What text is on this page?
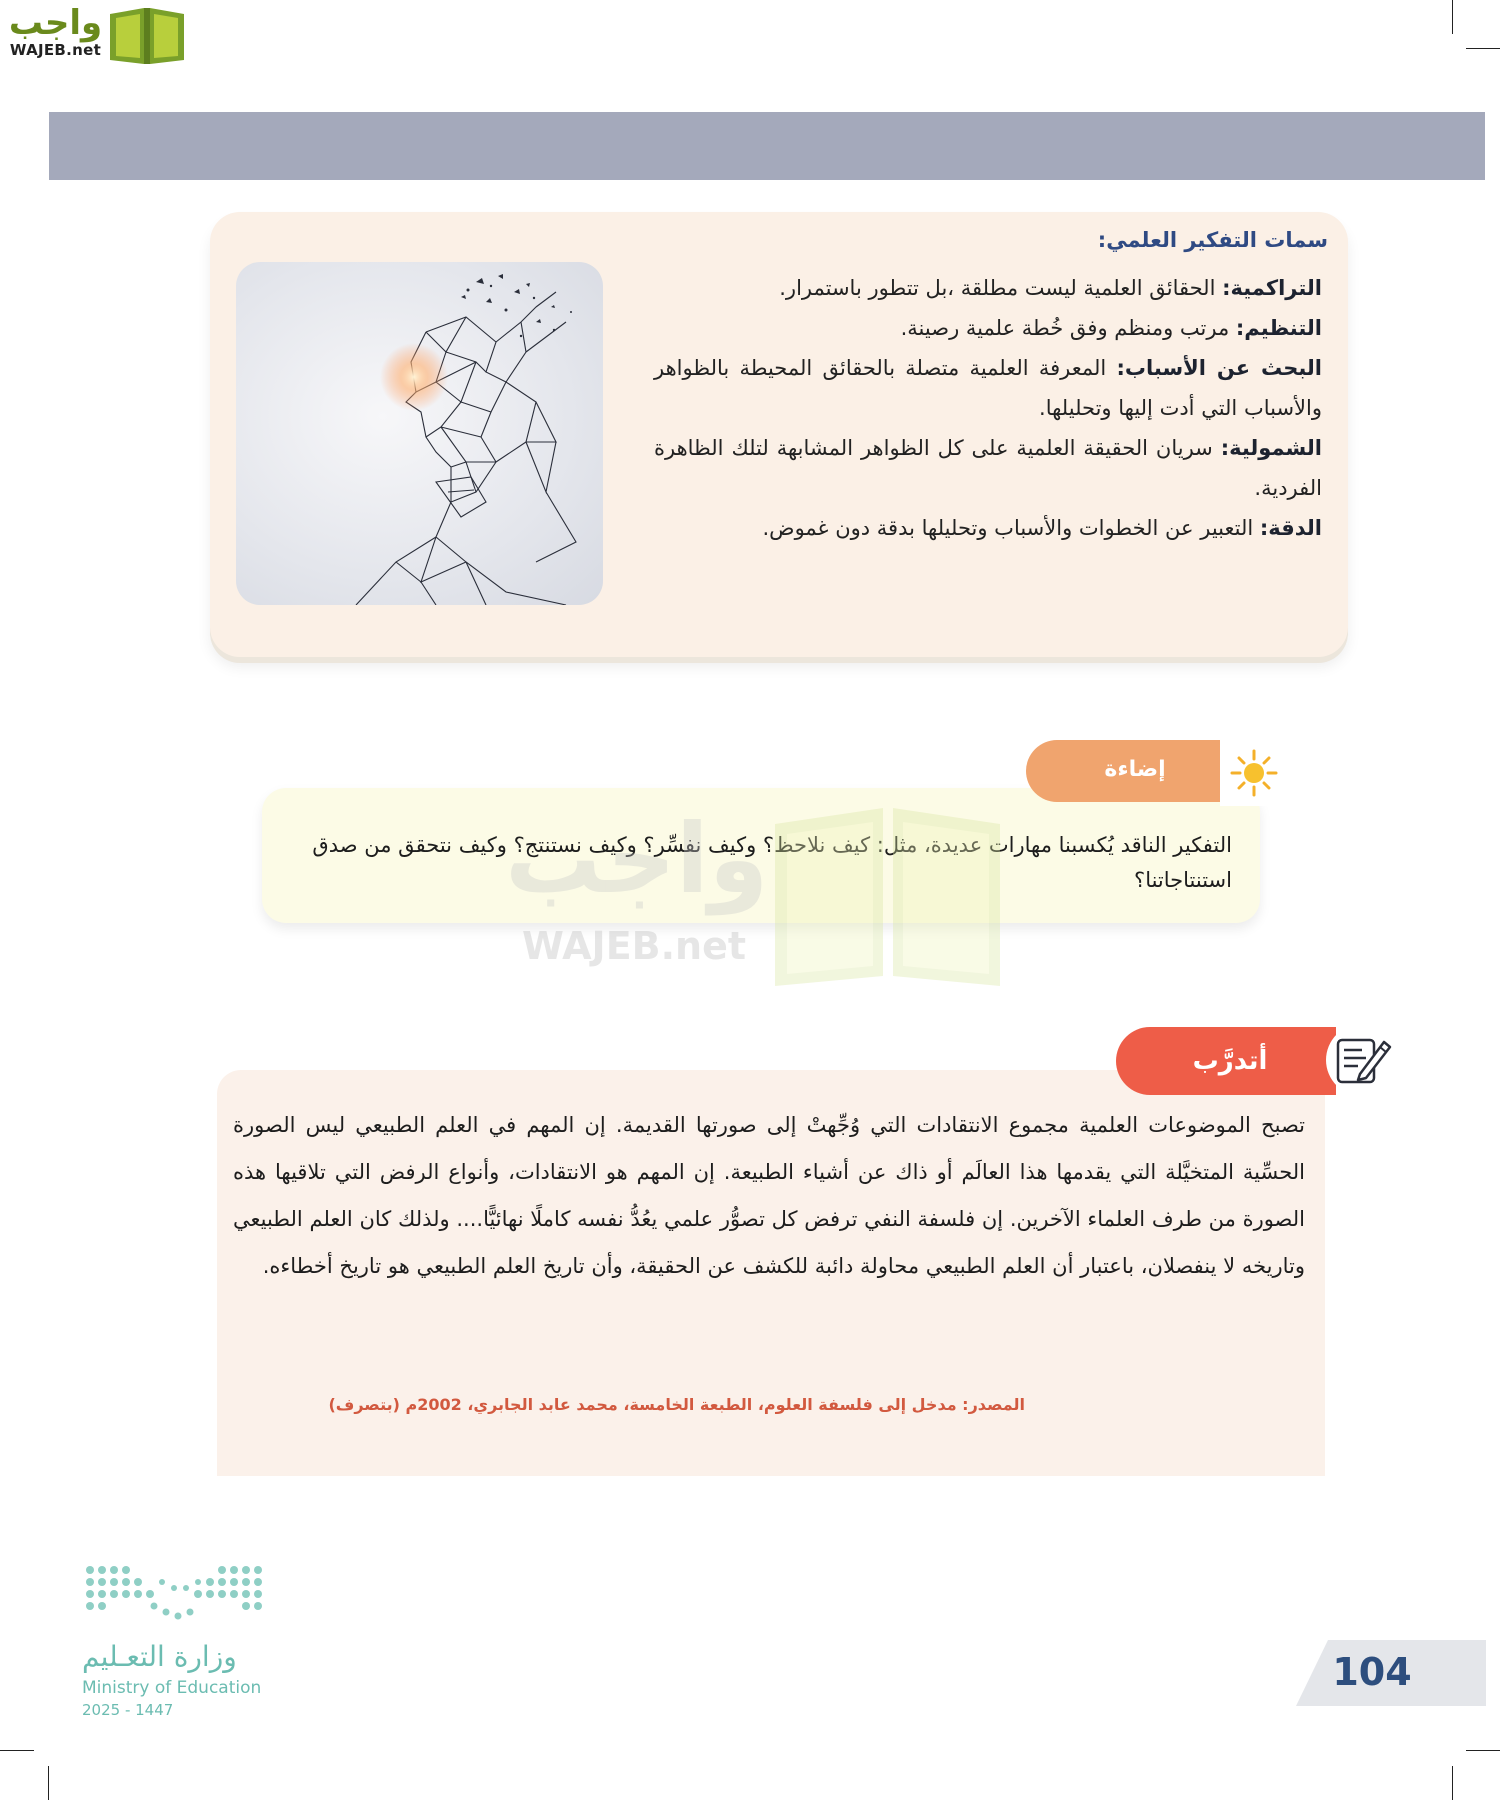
واجب
WAJEB.net
سمات التفكير العلمي:
التراكمية: الحقائق العلمية ليست مطلقة ،بل تتطور باستمرار.
التنظيم: مرتب ومنظم وفق خُطة علمية رصينة.
البحث عن الأسباب: المعرفة العلمية متصلة بالحقائق المحيطة بالظواهر والأسباب التي أدت إليها وتحليلها.
الشمولية: سريان الحقيقة العلمية على كل الظواهر المشابهة لتلك الظاهرة الفردية.
الدقة: التعبير عن الخطوات والأسباب وتحليلها بدقة دون غموض.
إضاءة
التفكير الناقد يُكسبنا مهارات عديدة، مثل: كيف نلاحظ؟ وكيف نفسِّر؟ وكيف نستنتج؟ وكيف نتحقق من صدق استنتاجاتنا؟
واجب
WAJEB.net
أتدرَّب
تصبح الموضوعات العلمية مجموع الانتقادات التي وُجِّهتْ إلى صورتها القديمة. إن المهم في العلم الطبيعي ليس الصورة الحسِّية المتخيَّلة التي يقدمها هذا العالَم أو ذاك عن أشياء الطبيعة. إن المهم هو الانتقادات، وأنواع الرفض التي تلاقيها هذه الصورة من طرف العلماء الآخرين. إن فلسفة النفي ترفض كل تصوُّر علمي يعُدُّ نفسه كاملًا نهائيًّا.... ولذلك كان العلم الطبيعي وتاريخه لا ينفصلان، باعتبار أن العلم الطبيعي محاولة دائبة للكشف عن الحقيقة، وأن تاريخ العلم الطبيعي هو تاريخ أخطاءه.
المصدر: مدخل إلى فلسفة العلوم، الطبعة الخامسة، محمد عابد الجابري، 2002م (بتصرف)
وزارة التعـليم
Ministry of Education
2025 - 1447
104
